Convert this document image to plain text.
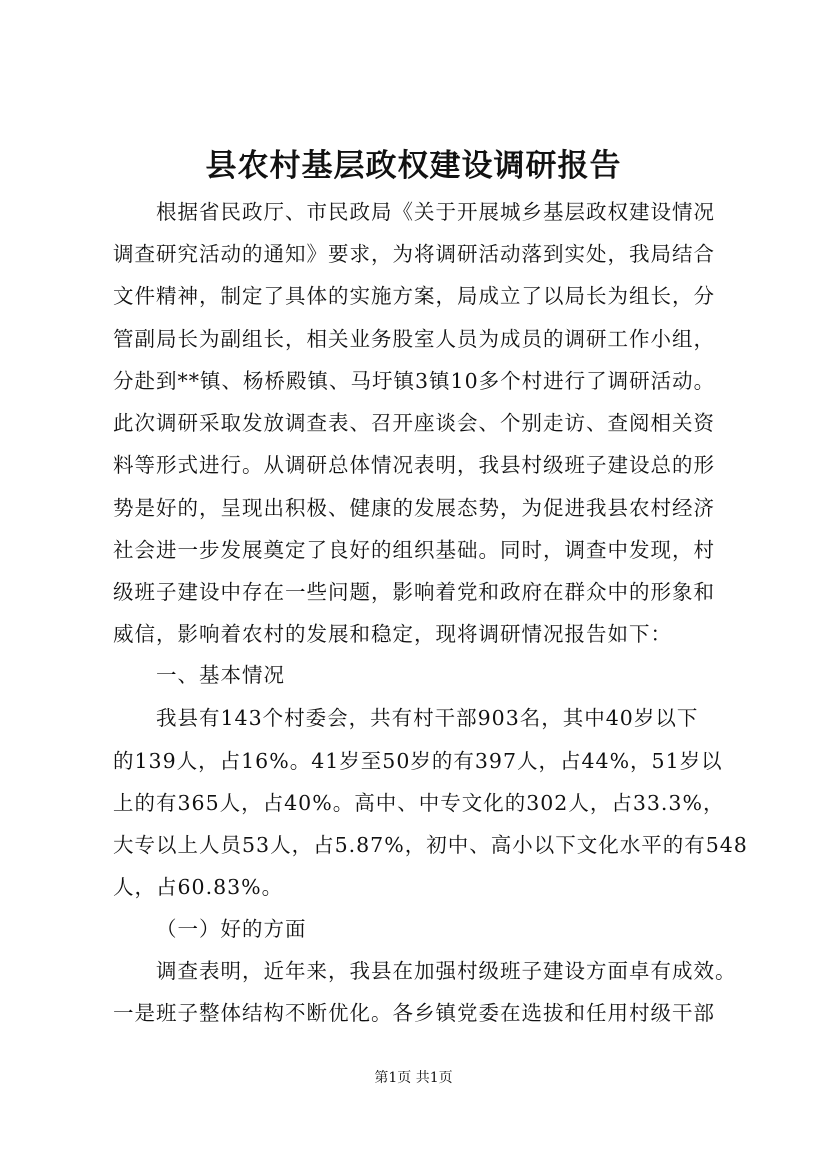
县农村基层政权建设调研报告
根据省民政厅、市民政局《关于开展城乡基层政权建设情况
调查研究活动的通知》要求，为将调研活动落到实处，我局结合
文件精神，制定了具体的实施方案，局成立了以局长为组长，分
管副局长为副组长，相关业务股室人员为成员的调研工作小组，
分赴到**镇、杨桥殿镇、马圩镇3镇10多个村进行了调研活动。
此次调研采取发放调查表、召开座谈会、个别走访、查阅相关资
料等形式进行。从调研总体情况表明，我县村级班子建设总的形
势是好的，呈现出积极、健康的发展态势，为促进我县农村经济
社会进一步发展奠定了良好的组织基础。同时，调查中发现，村
级班子建设中存在一些问题，影响着党和政府在群众中的形象和
威信，影响着农村的发展和稳定，现将调研情况报告如下：
一、基本情况
我县有143个村委会，共有村干部903名，其中40岁以下
的139人，占16%。41岁至50岁的有397人，占44%，51岁以
上的有365人，占40%。高中、中专文化的302人，占33.3%，
大专以上人员53人，占5.87%，初中、高小以下文化水平的有548
人，占60.83%。
（一）好的方面
调查表明，近年来，我县在加强村级班子建设方面卓有成效。
一是班子整体结构不断优化。各乡镇党委在选拔和任用村级干部
第1页 共1页
